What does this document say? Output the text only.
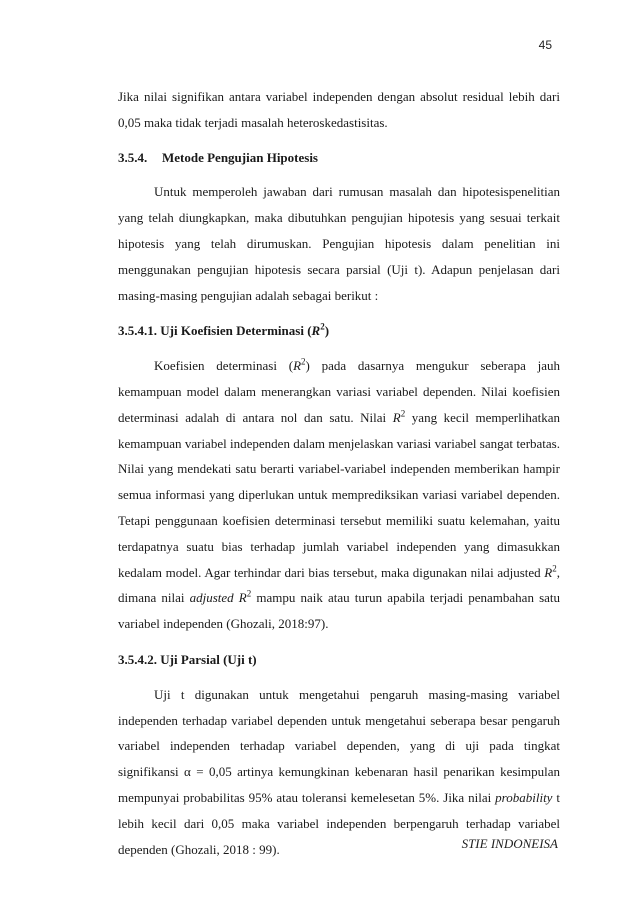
45

Jika nilai signifikan antara variabel independen dengan absolut residual lebih dari 0,05 maka tidak terjadi masalah heteroskedastisitas.

3.5.4. Metode Pengujian Hipotesis

Untuk memperoleh jawaban dari rumusan masalah dan hipotesispenelitian yang telah diungkapkan, maka dibutuhkan pengujian hipotesis yang sesuai terkait hipotesis yang telah dirumuskan. Pengujian hipotesis dalam penelitian ini menggunakan pengujian hipotesis secara parsial (Uji t). Adapun penjelasan dari masing-masing pengujian adalah sebagai berikut :

3.5.4.1. Uji Koefisien Determinasi $(R^2)$

Koefisien determinasi $(R^2)$ pada dasarnya mengukur seberapa jauh kemampuan model dalam menerangkan variasi variabel dependen. Nilai koefisien determinasi adalah di antara nol dan satu. Nilai $R^2$ yang kecil memperlihatkan kemampuan variabel independen dalam menjelaskan variasi variabel sangat terbatas. Nilai yang mendekati satu berarti variabel-variabel independen memberikan hampir semua informasi yang diperlukan untuk memprediksikan variasi variabel dependen. Tetapi penggunaan koefisien determinasi tersebut memiliki suatu kelemahan, yaitu terdapatnya suatu bias terhadap jumlah variabel independen yang dimasukkan kedalam model. Agar terhindar dari bias tersebut, maka digunakan nilai adjusted $R^2$, dimana nilai adjusted $R^2$ mampu naik atau turun apabila terjadi penambahan satu variabel independen (Ghozali, 2018:97).

3.5.4.2. Uji Parsial (Uji t)

Uji t digunakan untuk mengetahui pengaruh masing-masing variabel independen terhadap variabel dependen untuk mengetahui seberapa besar pengaruh variabel independen terhadap variabel dependen, yang di uji pada tingkat signifikansi α = 0,05 artinya kemungkinan kebenaran hasil penarikan kesimpulan mempunyai probabilitas 95% atau toleransi kemelesetan 5%. Jika nilai probability t lebih kecil dari 0,05 maka variabel independen berpengaruh terhadap variabel dependen (Ghozali, 2018 : 99).	STIE INDONEISA
